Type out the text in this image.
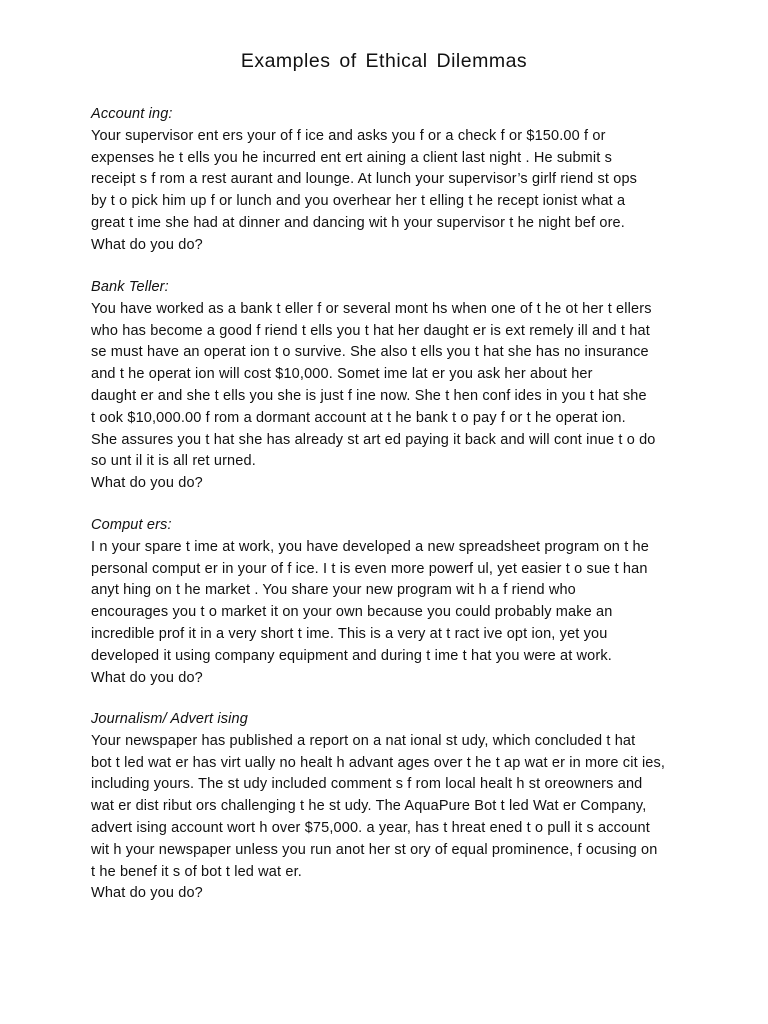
Examples of Ethical Dilemmas
Account ing:
Your supervisor ent ers your of f ice and asks you f or a check f or $150.00 f or
expenses he t ells you he incurred ent ert aining a client last night . He submit s
receipt s f rom a rest aurant and lounge. At lunch your supervisor’s girlf riend st ops
by t o pick him up f or lunch and you overhear her t elling t he recept ionist what a
great t ime she had at dinner and dancing wit h your supervisor t he night bef ore.
What do you do?
Bank Teller:
You have worked as a bank t eller f or several mont hs when one of t he ot her t ellers
who has become a good f riend t ells you t hat her daught er is ext remely ill and t hat
se must have an operat ion t o survive. She also t ells you t hat she has no insurance
and t he operat ion will cost $10,000. Somet ime lat er you ask her about her
daught er and she t ells you she is just f ine now. She t hen conf ides in you t hat she
t ook $10,000.00 f rom a dormant account at t he bank t o pay f or t he operat ion.
She assures you t hat she has already st art ed paying it back and will cont inue t o do
so unt il it is all ret urned.
What do you do?
Comput ers:
I n your spare t ime at work, you have developed a new spreadsheet program on t he
personal comput er in your of f ice. I t is even more powerf ul, yet easier t o sue t han
anyt hing on t he market . You share your new program wit h a f riend who
encourages you t o market it on your own because you could probably make an
incredible prof it in a very short t ime. This is a very at t ract ive opt ion, yet you
developed it using company equipment and during t ime t hat you were at work.
What do you do?
Journalism/ Advert ising
Your newspaper has published a report on a nat ional st udy, which concluded t hat
bot t led wat er has virt ually no healt h advant ages over t he t ap wat er in more cit ies,
including yours. The st udy included comment s f rom local healt h st oreowners and
wat er dist ribut ors challenging t he st udy. The AquaPure Bot t led Wat er Company,
advert ising account wort h over $75,000. a year, has t hreat ened t o pull it s account
wit h your newspaper unless you run anot her st ory of equal prominence, f ocusing on
t he benef it s of bot t led wat er.
What do you do?
